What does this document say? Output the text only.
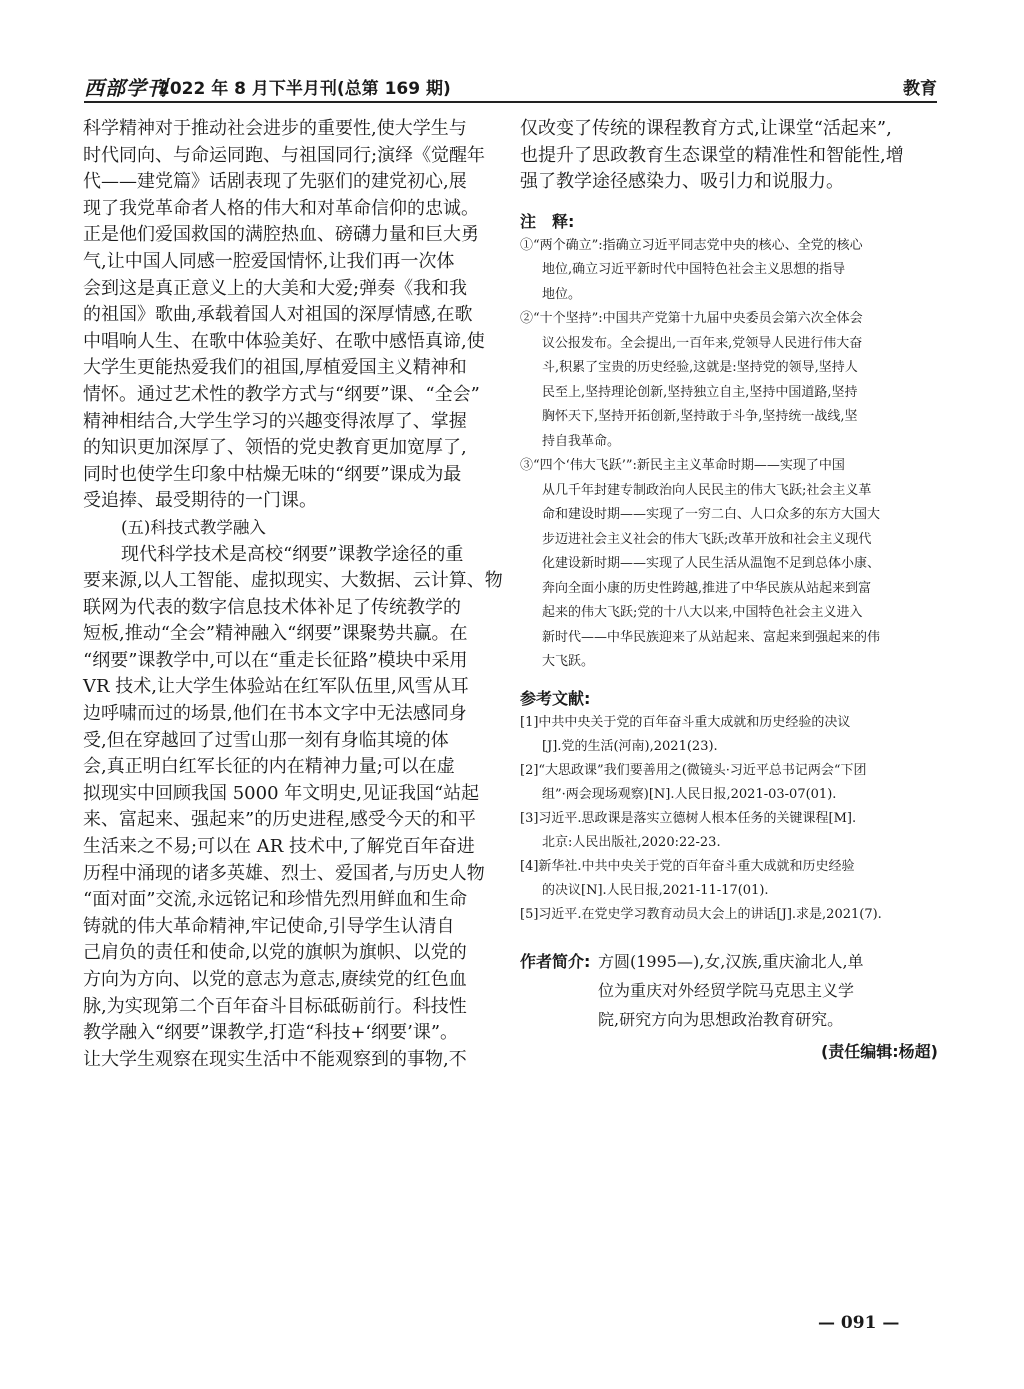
西部学刊
2022 年 8 月下半月刊(总第 169 期)	教育
科学精神对于推动社会进步的重要性,使大学生与
时代同向、与命运同跑、与祖国同行;演绎《觉醒年
代——建党篇》话剧表现了先驱们的建党初心,展
现了我党革命者人格的伟大和对革命信仰的忠诚。
正是他们爱国救国的满腔热血、磅礴力量和巨大勇
气,让中国人同感一腔爱国情怀,让我们再一次体
会到这是真正意义上的大美和大爱;弹奏《我和我
的祖国》歌曲,承载着国人对祖国的深厚情感,在歌
中唱响人生、在歌中体验美好、在歌中感悟真谛,使
大学生更能热爱我们的祖国,厚植爱国主义精神和
情怀。通过艺术性的教学方式与“纲要”课、“全会”
精神相结合,大学生学习的兴趣变得浓厚了、掌握
的知识更加深厚了、领悟的党史教育更加宽厚了,
同时也使学生印象中枯燥无味的“纲要”课成为最
受追捧、最受期待的一门课。
(五)科技式教学融入
现代科学技术是高校“纲要”课教学途径的重
要来源,以人工智能、虚拟现实、大数据、云计算、物
联网为代表的数字信息技术体补足了传统教学的
短板,推动“全会”精神融入“纲要”课聚势共赢。在
“纲要”课教学中,可以在“重走长征路”模块中采用
VR 技术,让大学生体验站在红军队伍里,风雪从耳
边呼啸而过的场景,他们在书本文字中无法感同身
受,但在穿越回了过雪山那一刻有身临其境的体
会,真正明白红军长征的内在精神力量;可以在虚
拟现实中回顾我国 5000 年文明史,见证我国“站起
来、富起来、强起来”的历史进程,感受今天的和平
生活来之不易;可以在 AR 技术中,了解党百年奋进
历程中涌现的诸多英雄、烈士、爱国者,与历史人物
“面对面”交流,永远铭记和珍惜先烈用鲜血和生命
铸就的伟大革命精神,牢记使命,引导学生认清自
己肩负的责任和使命,以党的旗帜为旗帜、以党的
方向为方向、以党的意志为意志,赓续党的红色血
脉,为实现第二个百年奋斗目标砥砺前行。科技性
教学融入“纲要”课教学,打造“科技+‘纲要’课”。
让大学生观察在现实生活中不能观察到的事物,不
仅改变了传统的课程教育方式,让课堂“活起来”,
也提升了思政教育生态课堂的精准性和智能性,增
强了教学途径感染力、吸引力和说服力。
注　释:
①“两个确立”:指确立习近平同志党中央的核心、全党的核心
地位,确立习近平新时代中国特色社会主义思想的指导
地位。
②“十个坚持”:中国共产党第十九届中央委员会第六次全体会
议公报发布。全会提出,一百年来,党领导人民进行伟大奋
斗,积累了宝贵的历史经验,这就是:坚持党的领导,坚持人
民至上,坚持理论创新,坚持独立自主,坚持中国道路,坚持
胸怀天下,坚持开拓创新,坚持敢于斗争,坚持统一战线,坚
持自我革命。
③“四个‘伟大飞跃’”:新民主主义革命时期——实现了中国
从几千年封建专制政治向人民民主的伟大飞跃;社会主义革
命和建设时期——实现了一穷二白、人口众多的东方大国大
步迈进社会主义社会的伟大飞跃;改革开放和社会主义现代
化建设新时期——实现了人民生活从温饱不足到总体小康、
奔向全面小康的历史性跨越,推进了中华民族从站起来到富
起来的伟大飞跃;党的十八大以来,中国特色社会主义进入
新时代——中华民族迎来了从站起来、富起来到强起来的伟
大飞跃。
参考文献:
[1]中共中央关于党的百年奋斗重大成就和历史经验的决议
[J].党的生活(河南),2021(23).
[2]“大思政课”我们要善用之(微镜头·习近平总书记两会“下团
组”·两会现场观察)[N].人民日报,2021-03-07(01).
[3]习近平.思政课是落实立德树人根本任务的关键课程[M].
北京:人民出版社,2020:22-23.
[4]新华社.中共中央关于党的百年奋斗重大成就和历史经验
的决议[N].人民日报,2021-11-17(01).
[5]习近平.在党史学习教育动员大会上的讲话[J].求是,2021(7).
作者简介: 方圆(1995—),女,汉族,重庆渝北人,单
位为重庆对外经贸学院马克思主义学
院,研究方向为思想政治教育研究。
(责任编辑:杨超)
— 091 —
